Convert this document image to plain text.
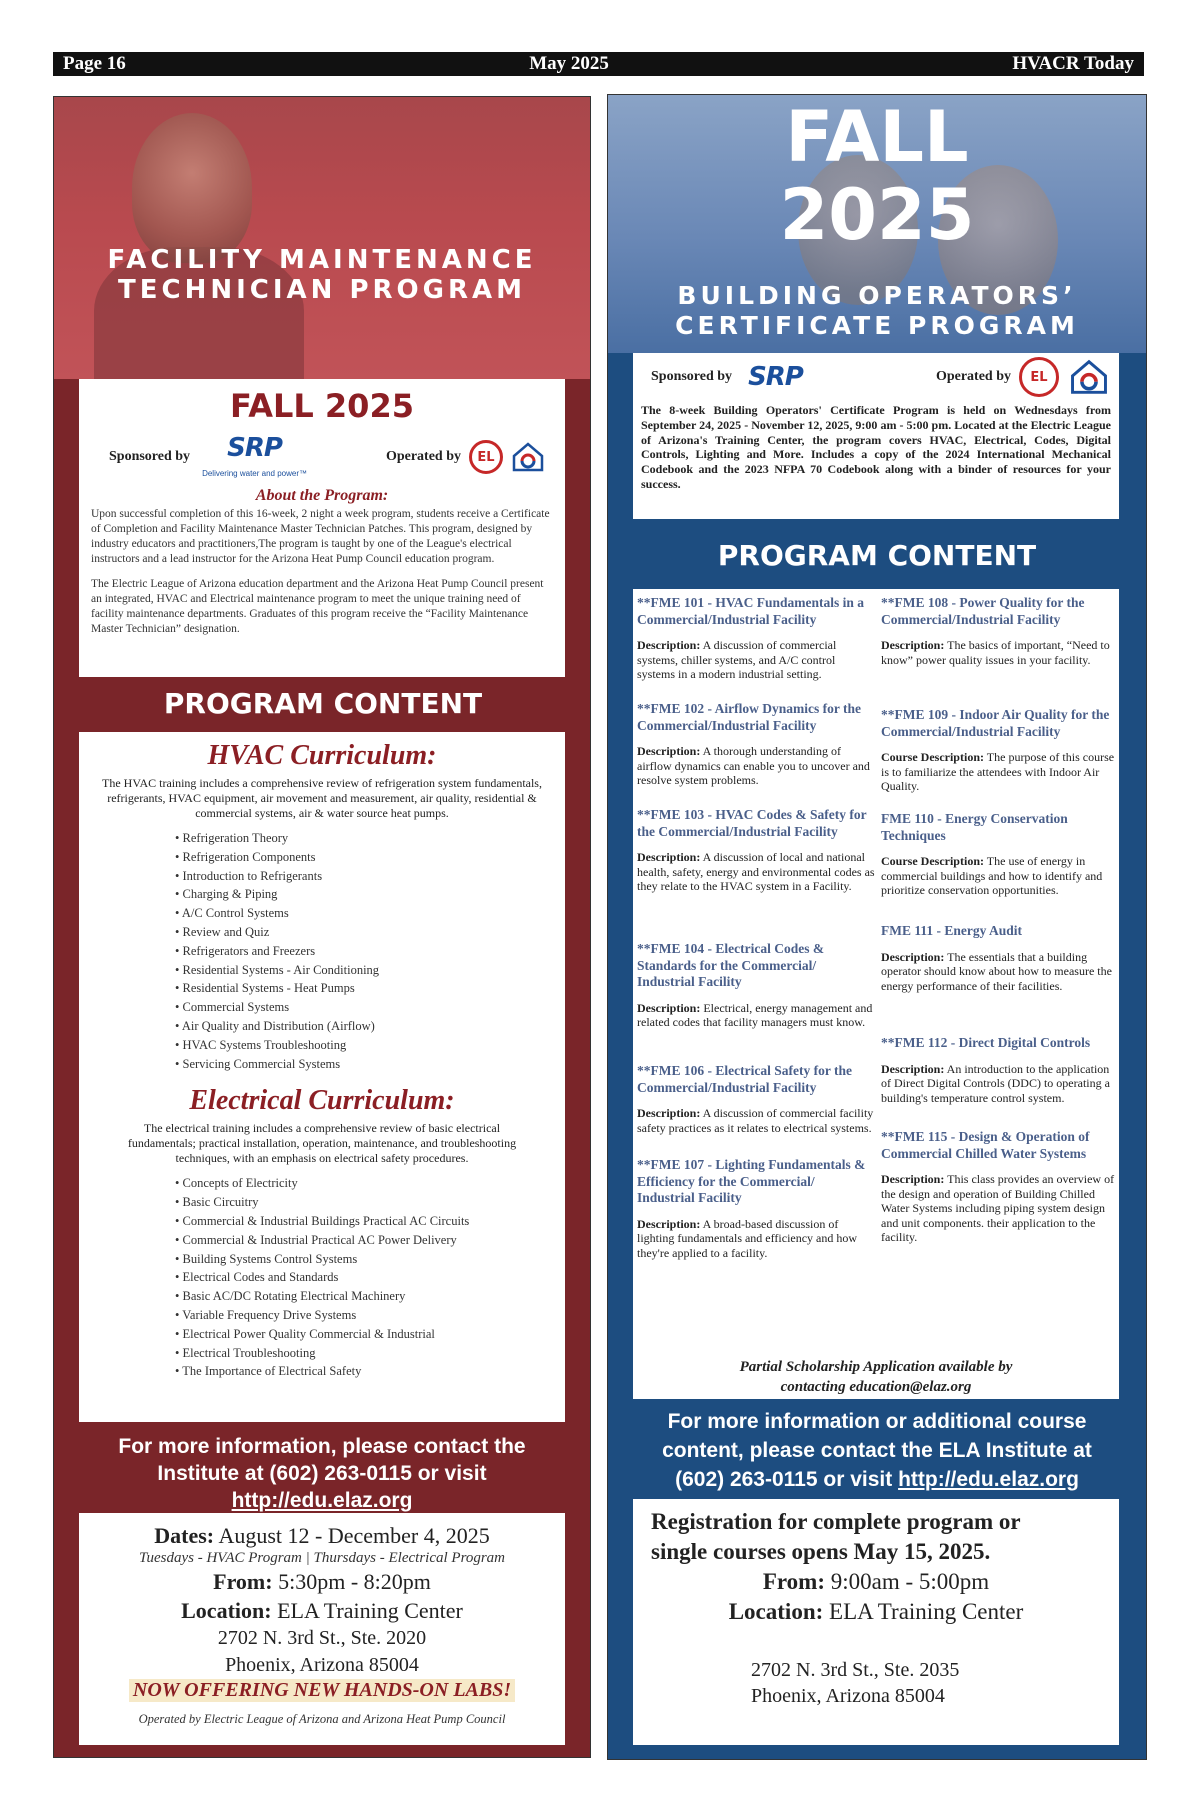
Page 16	May 2025	HVACR Today
FACILITY MAINTENANCE
TECHNICIAN PROGRAM
FALL 2025
Sponsored by	SRP
Delivering water and power™
Operated by	EL
About the Program:

Upon successful completion of this 16-week, 2 night a week program, students receive a Certificate of Completion and Facility Maintenance Master Technician Patches. This program, designed by industry educators and practitioners,The program is taught by one of the League's electrical instructors and a lead instructor for the Arizona Heat Pump Council education program.

The Electric League of Arizona education department and the Arizona Heat Pump Council present an integrated, HVAC and Electrical maintenance program to meet the unique training need of facility maintenance departments. Graduates of this program receive the “Facility Maintenance Master Technician” designation.

PROGRAM CONTENT
HVAC Curriculum:
The HVAC training includes a comprehensive review of refrigeration system fundamentals, refrigerants, HVAC equipment, air movement and measurement, air quality, residential & commercial systems, air & water source heat pumps.
• Refrigeration Theory
• Refrigeration Components
• Introduction to Refrigerants
• Charging & Piping
• A/C Control Systems
• Review and Quiz
• Refrigerators and Freezers
• Residential Systems - Air Conditioning
• Residential Systems - Heat Pumps
• Commercial Systems
• Air Quality and Distribution (Airflow)
• HVAC Systems Troubleshooting
• Servicing Commercial Systems
Electrical Curriculum:
The electrical training includes a comprehensive review of basic electrical fundamentals; practical installation, operation, maintenance, and troubleshooting techniques, with an emphasis on electrical safety procedures.
• Concepts of Electricity
• Basic Circuitry
• Commercial & Industrial Buildings Practical AC Circuits
• Commercial & Industrial Practical AC Power Delivery
• Building Systems Control Systems
• Electrical Codes and Standards
• Basic AC/DC Rotating Electrical Machinery
• Variable Frequency Drive Systems
• Electrical Power Quality Commercial & Industrial
• Electrical Troubleshooting
• The Importance of Electrical Safety
For more information, please contact the
Institute at (602) 263-0115 or visit
http://edu.elaz.org
Dates: August 12 - December 4, 2025
Tuesdays - HVAC Program | Thursdays - Electrical Program
From: 5:30pm - 8:20pm
Location: ELA Training Center
2702 N. 3rd St., Ste. 2020
Phoenix, Arizona 85004
NOW OFFERING NEW HANDS-ON LABS!
Operated by Electric League of Arizona and Arizona Heat Pump Council
FALL
2025
BUILDING OPERATORS’
CERTIFICATE PROGRAM
Sponsored by SRP	Operated by	EL

The 8-week Building Operators' Certificate Program is held on Wednesdays from September 24, 2025 - November 12, 2025, 9:00 am - 5:00 pm. Located at the Electric League of Arizona's Training Center, the program covers HVAC, Electrical, Codes, Digital Controls, Lighting and More. Includes a copy of the 2024 International Mechanical Codebook and the 2023 NFPA 70 Codebook along with a binder of resources for your success.

PROGRAM CONTENT
**FME 101 - HVAC Fundamentals in a Commercial/Industrial Facility
Description: A discussion of commercial systems, chiller systems, and A/C control systems in a modern industrial setting.
**FME 102 - Airflow Dynamics for the Commercial/Industrial Facility
Description: A thorough understanding of airflow dynamics can enable you to uncover and resolve system problems.
**FME 103 - HVAC Codes & Safety for the Commercial/Industrial Facility
Description: A discussion of local and national health, safety, energy and environmental codes as they relate to the HVAC system in a Facility.
**FME 104 - Electrical Codes & Standards for the Commercial/ Industrial Facility
Description: Electrical, energy management and related codes that facility managers must know.
**FME 106 - Electrical Safety for the Commercial/Industrial Facility
Description: A discussion of commercial facility safety practices as it relates to electrical systems.
**FME 107 - Lighting Fundamentals & Efficiency for the Commercial/ Industrial Facility
Description: A broad-based discussion of lighting fundamentals and efficiency and how they're applied to a facility.
**FME 108 - Power Quality for the Commercial/Industrial Facility
Description: The basics of important, “Need to know” power quality issues in your facility.
**FME 109 - Indoor Air Quality for the Commercial/Industrial Facility
Course Description: The purpose of this course is to familiarize the attendees with Indoor Air Quality.
FME 110 - Energy Conservation Techniques
Course Description: The use of energy in commercial buildings and how to identify and prioritize conservation opportunities.
FME 111 - Energy Audit
Description: The essentials that a building operator should know about how to measure the energy performance of their facilities.
**FME 112 - Direct Digital Controls
Description: An introduction to the application of Direct Digital Controls (DDC) to operating a building's temperature control system.
**FME 115 - Design & Operation of Commercial Chilled Water Systems
Description: This class provides an overview of the design and operation of Building Chilled Water Systems including piping system design and unit components. their application to the facility.
Partial Scholarship Application available by
contacting education@elaz.org
For more information or additional course
content, please contact the ELA Institute at
(602) 263-0115 or visit http://edu.elaz.org
Registration for complete program or
single courses opens May 15, 2025.
From: 9:00am - 5:00pm
Location: ELA Training Center
2702 N. 3rd St., Ste. 2035
Phoenix, Arizona 85004
